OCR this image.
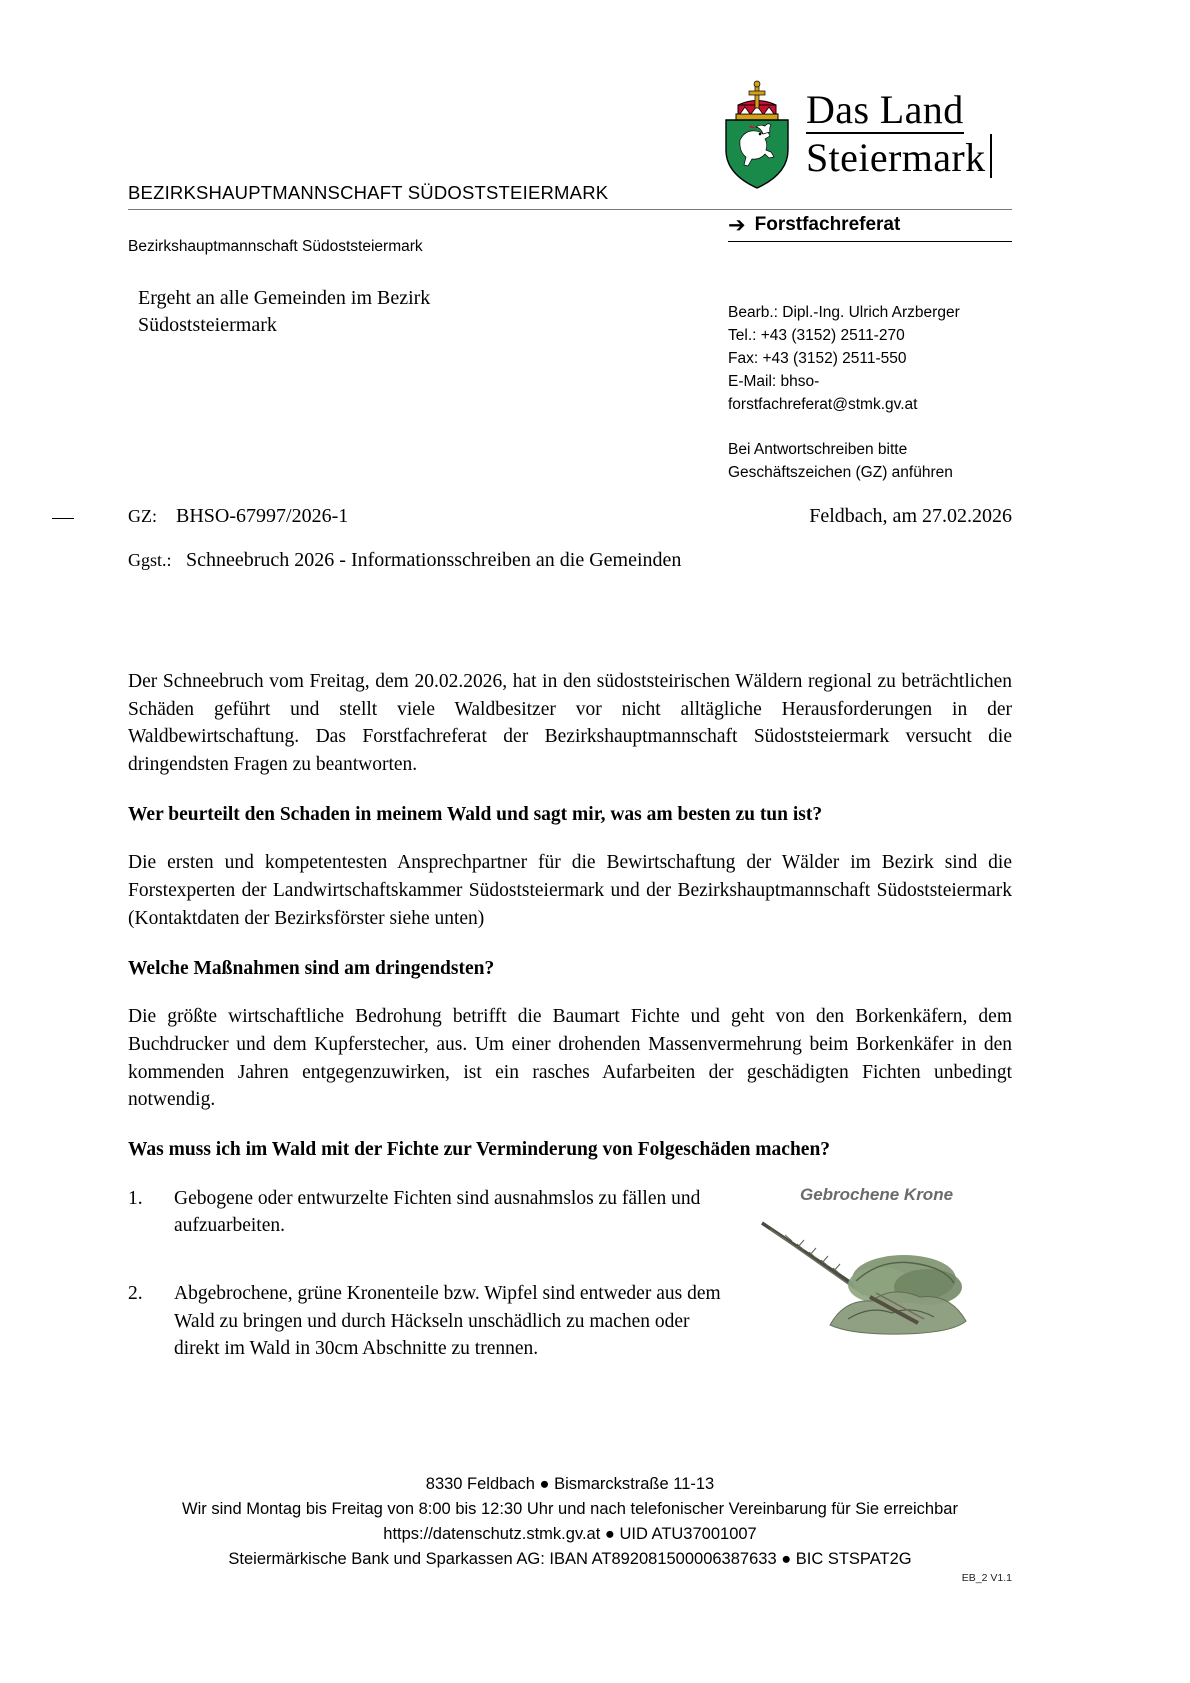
Das Land
Steiermark
BEZIRKSHAUPTMANNSCHAFT SÜDOSTSTEIERMARK
➔ Forstfachreferat
Bezirkshauptmannschaft Südoststeiermark
Ergeht an alle Gemeinden im Bezirk
Südoststeiermark
Bearb.: Dipl.-Ing. Ulrich Arzberger
Tel.: +43 (3152) 2511-270
Fax: +43 (3152) 2511-550
E-Mail: bhso-
forstfachreferat@stmk.gv.at
Bei Antwortschreiben bitte
Geschäftszeichen (GZ) anführen
GZ: BHSO-67997/2026-1	Feldbach, am 27.02.2026
Ggst.: Schneebruch 2026 - Informationsschreiben an die Gemeinden

Der Schneebruch vom Freitag, dem 20.02.2026, hat in den südoststeirischen Wäldern regional zu beträchtlichen Schäden geführt und stellt viele Waldbesitzer vor nicht alltägliche Herausforderungen in der Waldbewirtschaftung. Das Forstfachreferat der Bezirkshauptmannschaft Südoststeiermark versucht die dringendsten Fragen zu beantworten.

Wer beurteilt den Schaden in meinem Wald und sagt mir, was am besten zu tun ist?

Die ersten und kompetentesten Ansprechpartner für die Bewirtschaftung der Wälder im Bezirk sind die Forstexperten der Landwirtschaftskammer Südoststeiermark und der Bezirkshauptmannschaft Südoststeiermark (Kontaktdaten der Bezirksförster siehe unten)

Welche Maßnahmen sind am dringendsten?

Die größte wirtschaftliche Bedrohung betrifft die Baumart Fichte und geht von den Borkenkäfern, dem Buchdrucker und dem Kupferstecher, aus. Um einer drohenden Massenvermehrung beim Borkenkäfer in den kommenden Jahren entgegenzuwirken, ist ein rasches Aufarbeiten der geschädigten Fichten unbedingt notwendig.

Was muss ich im Wald mit der Fichte zur Verminderung von Folgeschäden machen?

1.	Gebogene oder entwurzelte Fichten sind ausnahmslos zu fällen und aufzuarbeiten.
2.	Abgebrochene, grüne Kronenteile bzw. Wipfel sind entweder aus dem Wald zu bringen und durch Häckseln unschädlich zu machen oder direkt im Wald in 30cm Abschnitte zu trennen.
Gebrochene Krone
8330 Feldbach ● Bismarckstraße 11-13
Wir sind Montag bis Freitag von 8:00 bis 12:30 Uhr und nach telefonischer Vereinbarung für Sie erreichbar
https://datenschutz.stmk.gv.at ● UID ATU37001007
Steiermärkische Bank und Sparkassen AG: IBAN AT892081500006387633 ● BIC STSPAT2G
EB_2 V1.1
